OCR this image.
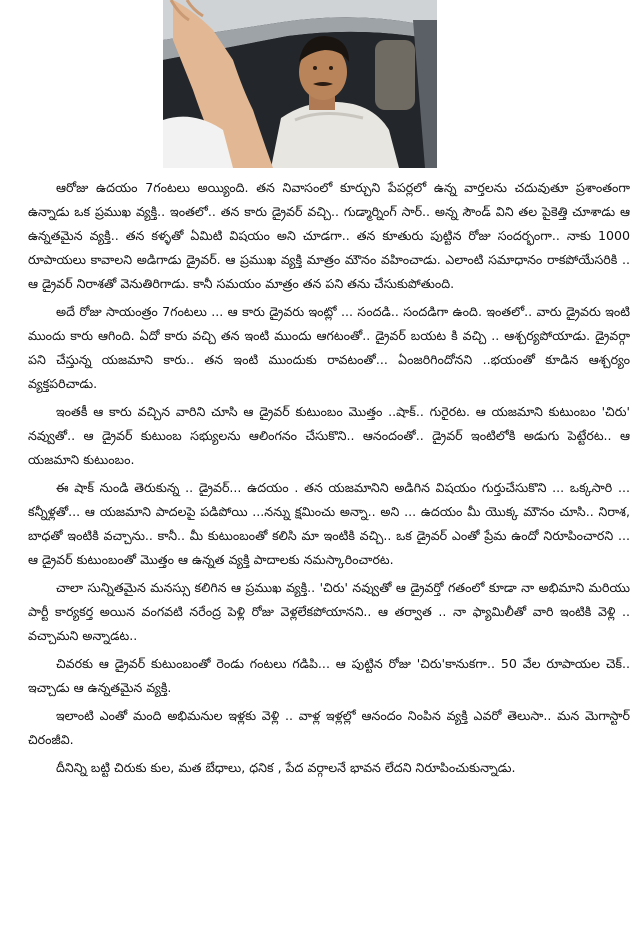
ఆరోజు ఉదయం 7గంటలు అయ్యింది. తన నివాసంలో కూర్చుని పేపర్లలో ఉన్న వార్తలను చదువుతూ ప్రశాంతంగా ఉన్నాడు ఒక ప్రముఖ వ్యక్తి.. ఇంతలో.. తన కారు డ్రైవర్ వచ్చి.. గుడ్మార్నింగ్ సార్.. అన్న సౌండ్ విని తల పైకెత్తి చూశాడు ఆ ఉన్నతమైన వ్యక్తి.. తన కళ్ళతో ఏమిటి విషయం అని చూడగా.. తన కూతురు పుట్టిన రోజు సందర్భంగా.. నాకు 1000 రూపాయలు కావాలని అడిగాడు డ్రైవర్. ఆ ప్రముఖ వ్యక్తి మాత్రం మౌనం వహించాడు. ఎలాంటి సమాధానం రాకపోయేసరికి .. ఆ డ్రైవర్ నిరాశతో వెనుతిరిగాడు. కానీ సమయం మాత్రం తన పని తను చేసుకుపోతుంది.

అదే రోజు సాయంత్రం 7గంటలు ... ఆ కారు డ్రైవరు ఇంట్లో ... సందడి.. సందడిగా ఉంది. ఇంతలో.. వారు డ్రైవరు ఇంటి ముందు కారు ఆగింది. ఏదో కారు వచ్చి తన ఇంటి ముందు ఆగటంతో.. డ్రైవర్ బయట కి వచ్చి .. ఆశ్చర్యపోయాడు. డ్రైవర్గా పని చేస్తున్న యజమాని కారు.. తన ఇంటి ముందుకు రావటంతో... ఏంజరిగిందోనని ..భయంతో కూడిన ఆశ్చర్యం వ్యక్తపరిచాడు.

ఇంతకీ ఆ కారు వచ్చిన వారిని చూసి ఆ డ్రైవర్ కుటుంబం మొత్తం ..షాక్.. గురైరట. ఆ యజమాని కుటుంబం 'చిరు' నవ్వుతో.. ఆ డ్రైవర్ కుటుంబ సభ్యులను ఆలింగనం చేసుకొని.. ఆనందంతో.. డ్రైవర్ ఇంటిలోకి అడుగు పెట్టేరట.. ఆ యజమాని కుటుంబం.

ఈ షాక్ నుండి తెరుకున్న .. డ్రైవర్... ఉదయం . తన యజమానిని అడిగిన విషయం గుర్తుచేసుకొని ... ఒక్కసారి ... కన్నీళ్లతో... ఆ యజమాని పాదలపై పడిపోయి ...నన్ను క్షమించు అన్నా.. అని ... ఉదయం మీ యొక్క మౌనం చూసి.. నిరాశ, బాధతో ఇంటికి వచ్చాను.. కానీ.. మీ కుటుంబంతో కలిసి మా ఇంటికి వచ్చి.. ఒక డ్రైవర్ ఎంతో ప్రేమ ఉందో నిరూపించారని ... ఆ డ్రైవర్ కుటుంబంతో మొత్తం ఆ ఉన్నత వ్యక్తి పాదాలకు నమస్కారించారట.

చాలా సున్నితమైన మనస్సు కలిగిన ఆ ప్రముఖ వ్యక్తి.. 'చిరు' నవ్వుతో ఆ డ్రైవర్తో గతంలో కూడా నా అభిమాని మరియు పార్టీ కార్యకర్త అయిన వంగవటి నరేంద్ర పెళ్లి రోజు వెళ్లలేకపోయానని.. ఆ తర్వాత .. నా ఫ్యామిలీతో వారి ఇంటికి వెళ్లి .. వచ్చామని అన్నాడట..

చివరకు ఆ డ్రైవర్ కుటుంబంతో రెండు గంటలు గడిపి... ఆ పుట్టిన రోజు 'చిరు'కానుకగా.. 50 వేల రూపాయల చెక్.. ఇచ్చాడు ఆ ఉన్నతమైన వ్యక్తి.

ఇలాంటి ఎంతో మంది అభిమనుల ఇళ్లకు వెళ్లి .. వాళ్ల ఇళ్లల్లో ఆనందం నింపిన వ్యక్తి ఎవరో తెలుసా.. మన మెగాస్టార్ చిరంజీవి.

దీనిన్ని బట్టి చిరుకు కుల, మత బేధాలు, ధనిక , పేద వర్గాలనే భావన లేదని నిరూపించుకున్నాడు.
